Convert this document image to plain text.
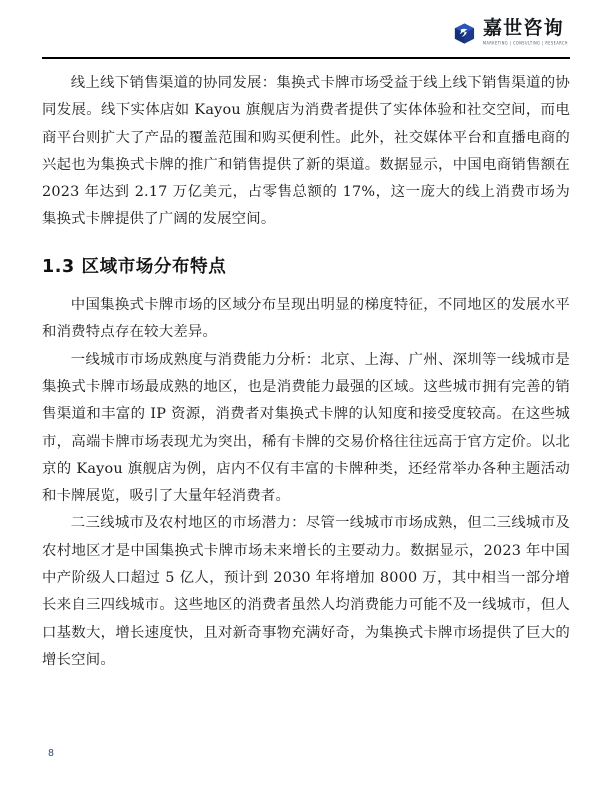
嘉世咨询
MARKETING | CONSULTING | RESEARCH

线上线下销售渠道的协同发展：集换式卡牌市场受益于线上线下销售渠道的协同发展。线下实体店如 Kayou 旗舰店为消费者提供了实体体验和社交空间，而电商平台则扩大了产品的覆盖范围和购买便利性。此外，社交媒体平台和直播电商的兴起也为集换式卡牌的推广和销售提供了新的渠道。数据显示，中国电商销售额在 2023 年达到 2.17 万亿美元，占零售总额的 17%，这一庞大的线上消费市场为集换式卡牌提供了广阔的发展空间。

1.3 区域市场分布特点

中国集换式卡牌市场的区域分布呈现出明显的梯度特征，不同地区的发展水平和消费特点存在较大差异。

一线城市市场成熟度与消费能力分析：北京、上海、广州、深圳等一线城市是集换式卡牌市场最成熟的地区，也是消费能力最强的区域。这些城市拥有完善的销售渠道和丰富的 IP 资源，消费者对集换式卡牌的认知度和接受度较高。在这些城市，高端卡牌市场表现尤为突出，稀有卡牌的交易价格往往远高于官方定价。以北京的 Kayou 旗舰店为例，店内不仅有丰富的卡牌种类，还经常举办各种主题活动和卡牌展览，吸引了大量年轻消费者。

二三线城市及农村地区的市场潜力：尽管一线城市市场成熟，但二三线城市及农村地区才是中国集换式卡牌市场未来增长的主要动力。数据显示，2023 年中国中产阶级人口超过 5 亿人，预计到 2030 年将增加 8000 万，其中相当一部分增长来自三四线城市。这些地区的消费者虽然人均消费能力可能不及一线城市，但人口基数大，增长速度快，且对新奇事物充满好奇，为集换式卡牌市场提供了巨大的增长空间。

8
